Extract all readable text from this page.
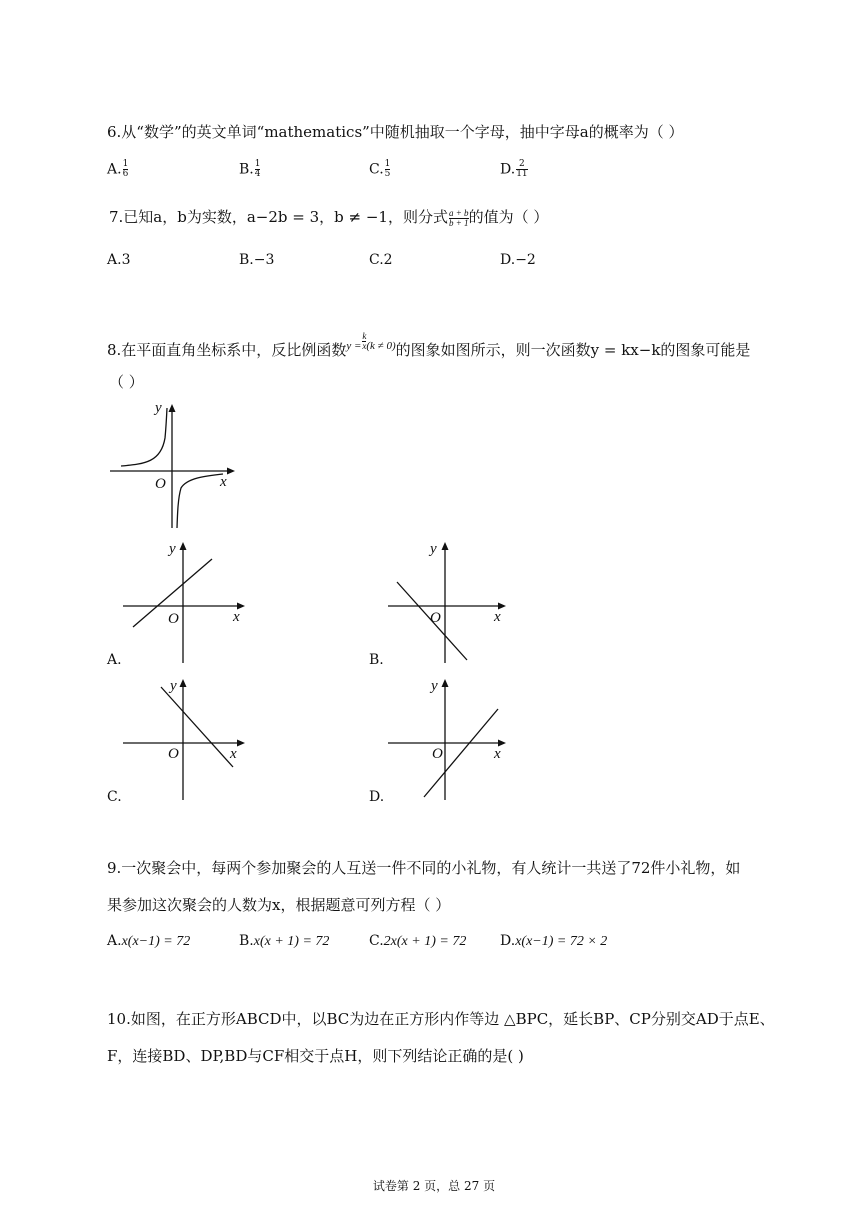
6.从“数学”的英文单词“mathematics”中随机抽取一个字母，抽中字母a的概率为（ ）
A. $\frac{1}{6}$	B. $\frac{1}{4}$	C. $\frac{1}{5}$	D. $\frac{2}{11}$
7.已知a，b为实数，a−2b = 3，b ≠ −1，则分式 $\frac{a + b}{b + 1}$ 的值为（ ）
A.3	B.−3	C.2	D.−2
8.在平面直角坐标系中，反比例函数$^{y =} \frac{k}{x} ^{(k \ne 0)}$的图象如图所示，则一次函数y = kx−k的图象可能是
（ ）
y
x
O
y
x
O
A.
y
x
O
B.
y
x
O
C.
y
x
O
D.
9.一次聚会中，每两个参加聚会的人互送一件不同的小礼物，有人统计一共送了72件小礼物，如
果参加这次聚会的人数为x，根据题意可列方程（ ）
A.x(x−1) = 72	B.x(x + 1) = 72	C.2x(x + 1) = 72 D.x(x−1) = 72 × 2
10.如图，在正方形ABCD中，以BC为边在正方形内作等边 △BPC，延长BP、CP分别交AD于点E、
F，连接BD、DP,BD与CF相交于点H，则下列结论正确的是( )
试卷第 2 页，总 27 页
